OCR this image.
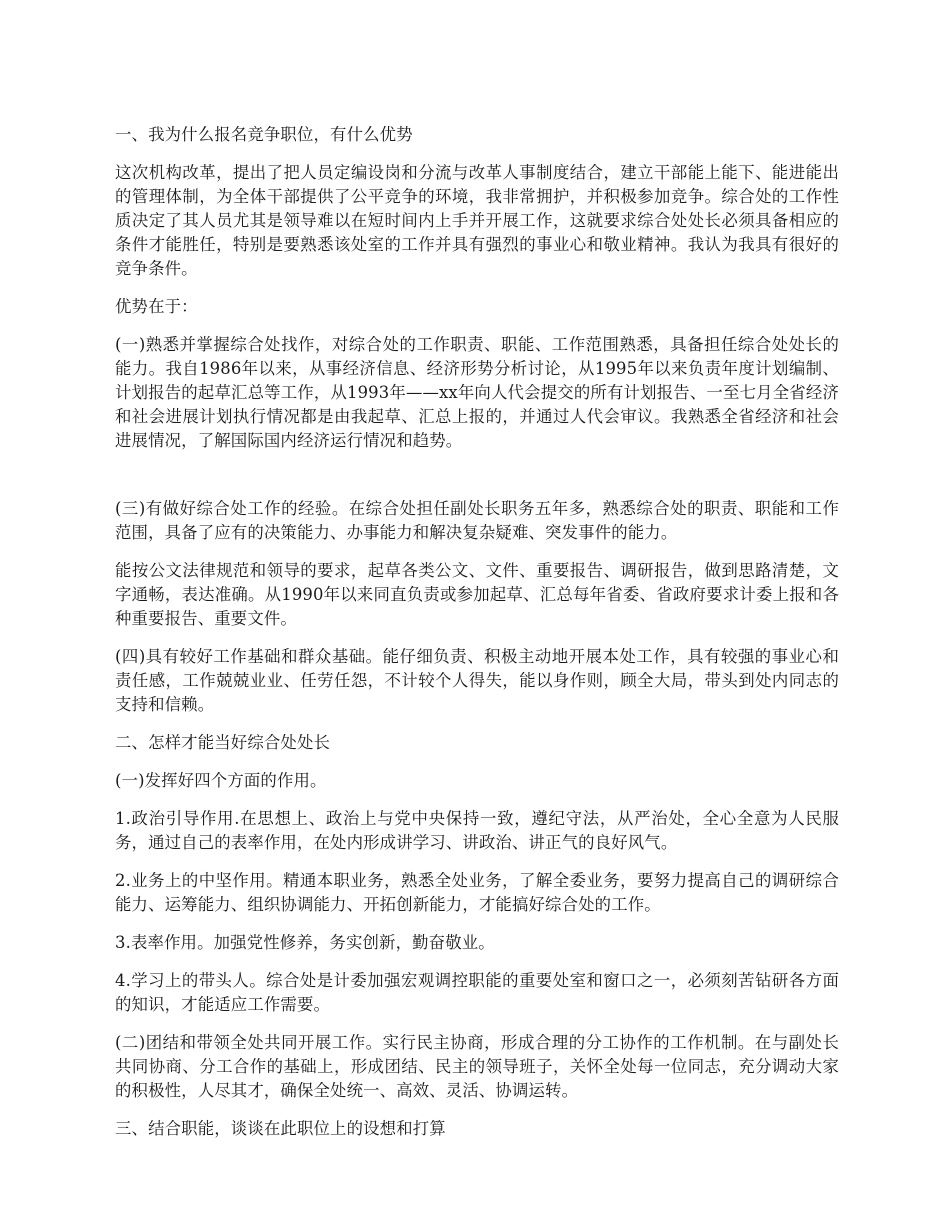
一、我为什么报名竞争职位，有什么优势

这次机构改革，提出了把人员定编设岗和分流与改革人事制度结合，建立干部能上能下、能进能出的管理体制，为全体干部提供了公平竞争的环境，我非常拥护，并积极参加竞争。综合处的工作性质决定了其人员尤其是领导难以在短时间内上手并开展工作，这就要求综合处处长必须具备相应的条件才能胜任，特别是要熟悉该处室的工作并具有强烈的事业心和敬业精神。我认为我具有很好的竞争条件。

优势在于：

(一)熟悉并掌握综合处找作，对综合处的工作职责、职能、工作范围熟悉，具备担任综合处处长的能力。我自1986年以来，从事经济信息、经济形势分析讨论，从1995年以来负责年度计划编制、计划报告的起草汇总等工作，从1993年——xx年向人代会提交的所有计划报告、一至七月全省经济和社会进展计划执行情况都是由我起草、汇总上报的，并通过人代会审议。我熟悉全省经济和社会进展情况，了解国际国内经济运行情况和趋势。

(三)有做好综合处工作的经验。在综合处担任副处长职务五年多，熟悉综合处的职责、职能和工作范围，具备了应有的决策能力、办事能力和解决复杂疑难、突发事件的能力。

能按公文法律规范和领导的要求，起草各类公文、文件、重要报告、调研报告，做到思路清楚，文字通畅，表达准确。从1990年以来同直负责或参加起草、汇总每年省委、省政府要求计委上报和各种重要报告、重要文件。

(四)具有较好工作基础和群众基础。能仔细负责、积极主动地开展本处工作，具有较强的事业心和责任感，工作兢兢业业、任劳任怨，不计较个人得失，能以身作则，顾全大局，带头到处内同志的支持和信赖。

二、怎样才能当好综合处处长

(一)发挥好四个方面的作用。

1.政治引导作用.在思想上、政治上与党中央保持一致，遵纪守法，从严治处，全心全意为人民服务，通过自己的表率作用，在处内形成讲学习、讲政治、讲正气的良好风气。

2.业务上的中坚作用。精通本职业务，熟悉全处业务，了解全委业务，要努力提高自己的调研综合能力、运筹能力、组织协调能力、开拓创新能力，才能搞好综合处的工作。

3.表率作用。加强党性修养，务实创新，勤奋敬业。

4.学习上的带头人。综合处是计委加强宏观调控职能的重要处室和窗口之一，必须刻苦钻研各方面的知识，才能适应工作需要。

(二)团结和带领全处共同开展工作。实行民主协商，形成合理的分工协作的工作机制。在与副处长共同协商、分工合作的基础上，形成团结、民主的领导班子，关怀全处每一位同志，充分调动大家的积极性，人尽其才，确保全处统一、高效、灵活、协调运转。

三、结合职能，谈谈在此职位上的设想和打算
